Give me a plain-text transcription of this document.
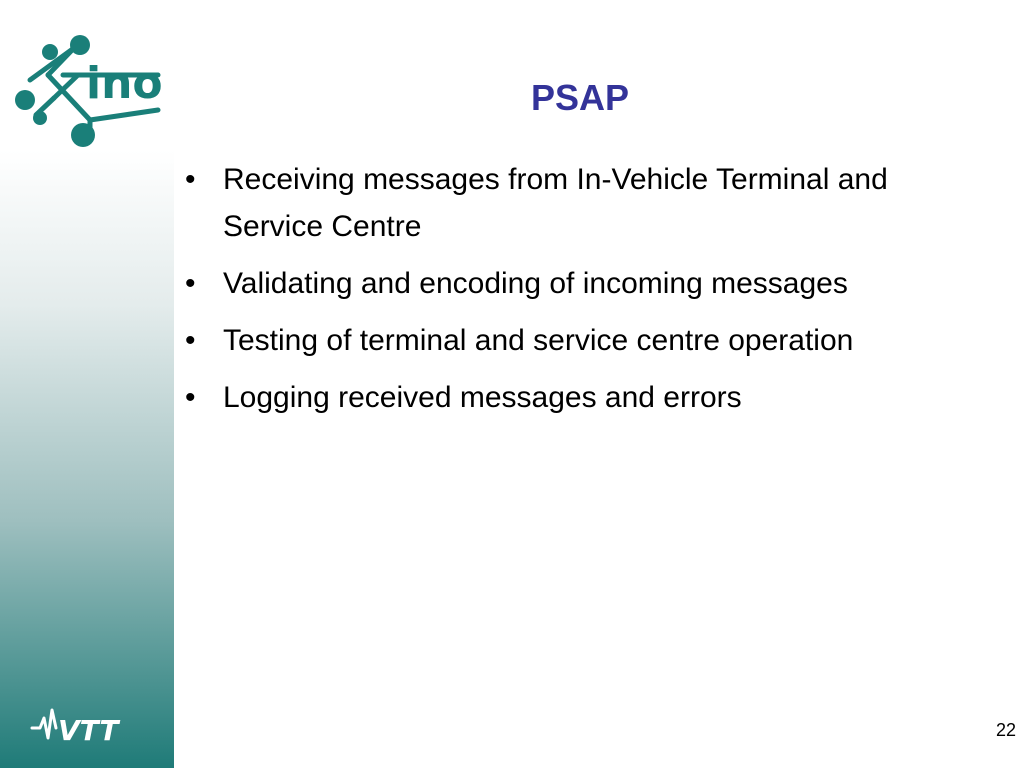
ino	PSAP
• Receiving messages from In-Vehicle Terminal and Service Centre
• Validating and encoding of incoming messages
• Testing of terminal and service centre operation
• Logging received messages and errors
VTT	22
